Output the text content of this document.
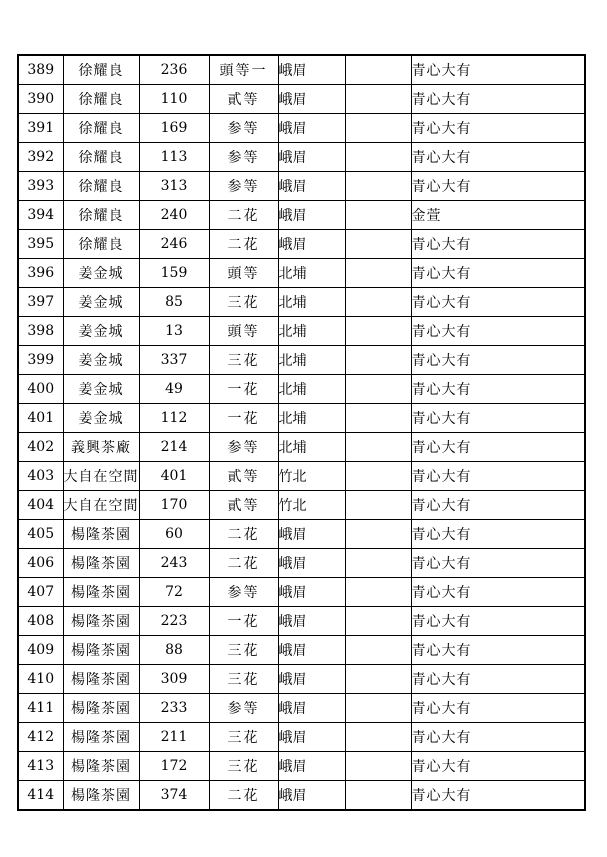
389	徐耀良	236	頭等一	峨眉		青心大有
390	徐耀良	110	貳等	峨眉		青心大有
391	徐耀良	169	参等	峨眉		青心大有
392	徐耀良	113	参等	峨眉		青心大有
393	徐耀良	313	参等	峨眉		青心大有
394	徐耀良	240	二花	峨眉		金萱
395	徐耀良	246	二花	峨眉		青心大有
396	姜金城	159	頭等	北埔		青心大有
397	姜金城	85	三花	北埔		青心大有
398	姜金城	13	頭等	北埔		青心大有
399	姜金城	337	三花	北埔		青心大有
400	姜金城	49	一花	北埔		青心大有
401	姜金城	112	一花	北埔		青心大有
402	義興茶廠	214	参等	北埔		青心大有
403	大自在空間	401	貳等	竹北		青心大有
404	大自在空間	170	貳等	竹北		青心大有
405	楊隆茶園	60	二花	峨眉		青心大有
406	楊隆茶園	243	二花	峨眉		青心大有
407	楊隆茶園	72	参等	峨眉		青心大有
408	楊隆茶園	223	一花	峨眉		青心大有
409	楊隆茶園	88	三花	峨眉		青心大有
410	楊隆茶園	309	三花	峨眉		青心大有
411	楊隆茶園	233	参等	峨眉		青心大有
412	楊隆茶園	211	三花	峨眉		青心大有
413	楊隆茶園	172	三花	峨眉		青心大有
414	楊隆茶園	374	二花	峨眉		青心大有
